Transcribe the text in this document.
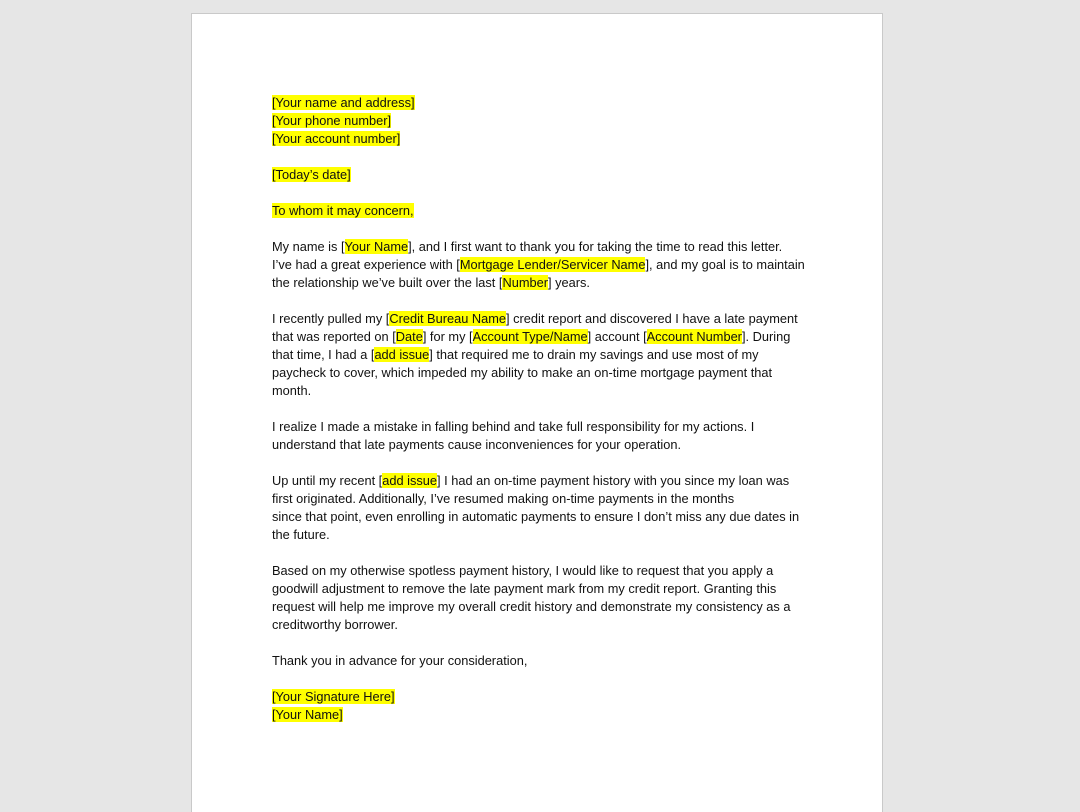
[Your name and address]
[Your phone number]
[Your account number]
[Today’s date]
To whom it may concern,
My name is [Your Name], and I first want to thank you for taking the time to read this letter.
I’ve had a great experience with [Mortgage Lender/Servicer Name], and my goal is to maintain
the relationship we’ve built over the last [Number] years.
I recently pulled my [Credit Bureau Name] credit report and discovered I have a late payment
that was reported on [Date] for my [Account Type/Name] account [Account Number]. During
that time, I had a [add issue] that required me to drain my savings and use most of my
paycheck to cover, which impeded my ability to make an on-time mortgage payment that
month.
I realize I made a mistake in falling behind and take full responsibility for my actions. I
understand that late payments cause inconveniences for your operation.
Up until my recent [add issue] I had an on-time payment history with you since my loan was
first originated. Additionally, I’ve resumed making on-time payments in the months
since that point, even enrolling in automatic payments to ensure I don’t miss any due dates in
the future.
Based on my otherwise spotless payment history, I would like to request that you apply a
goodwill adjustment to remove the late payment mark from my credit report. Granting this
request will help me improve my overall credit history and demonstrate my consistency as a
creditworthy borrower.
Thank you in advance for your consideration,
[Your Signature Here]
[Your Name]
